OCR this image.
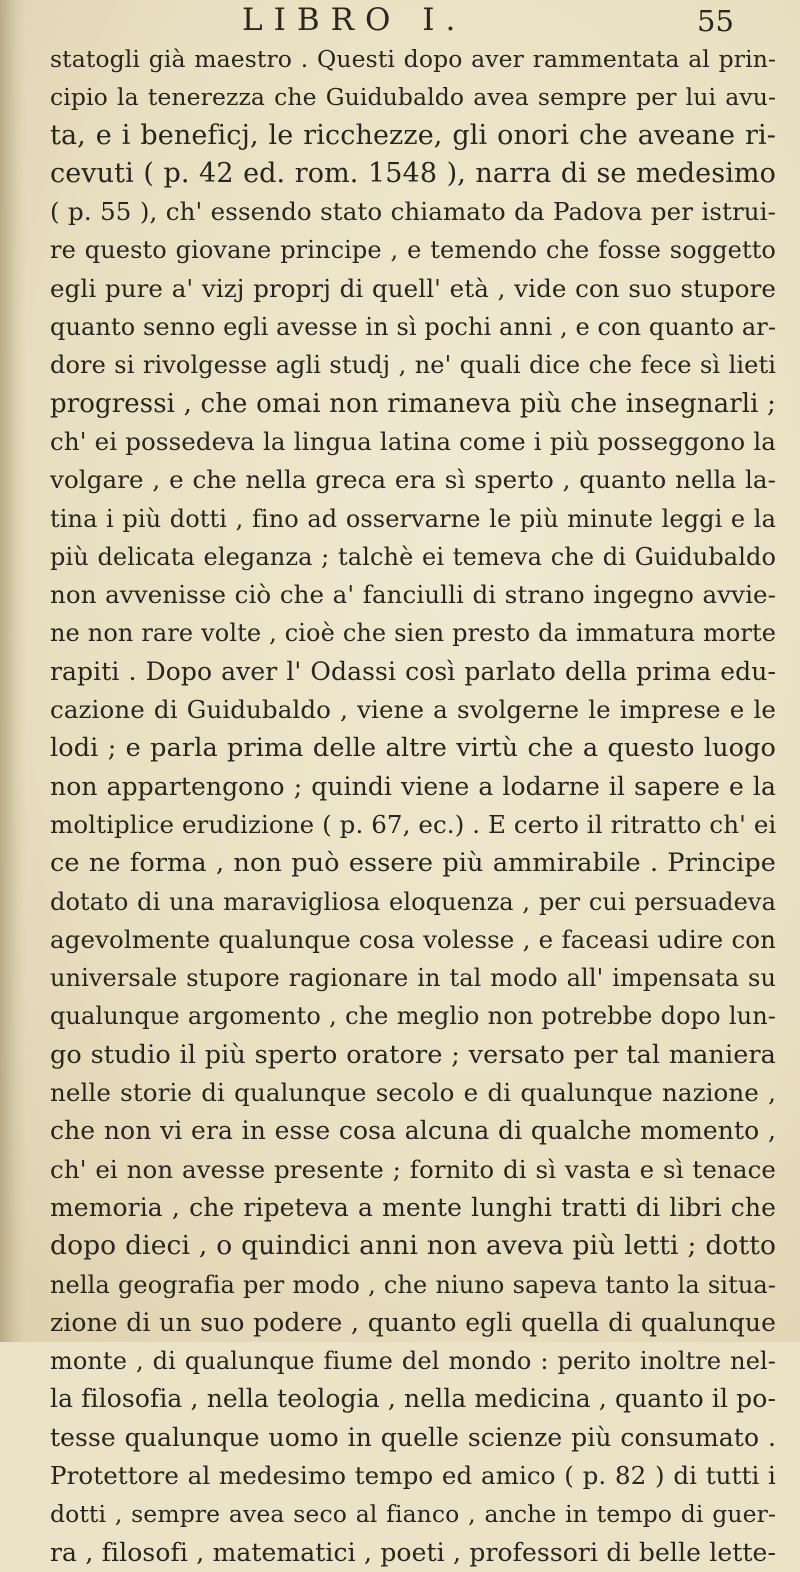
LIBRO I.	55
statogli già maestro . Questi dopo aver rammentata al prin-
cipio la tenerezza che Guidubaldo avea sempre per lui avu-
ta, e i beneficj, le ricchezze, gli onori che aveane ri-
cevuti ( p. 42 ed. rom. 1548 ), narra di se medesimo
( p. 55 ), ch' essendo stato chiamato da Padova per istrui-
re questo giovane principe , e temendo che fosse soggetto
egli pure a' vizj proprj di quell' età , vide con suo stupore
quanto senno egli avesse in sì pochi anni , e con quanto ar-
dore si rivolgesse agli studj , ne' quali dice che fece sì lieti
progressi , che omai non rimaneva più che insegnarli ;
ch' ei possedeva la lingua latina come i più posseggono la
volgare , e che nella greca era sì sperto , quanto nella la-
tina i più dotti , fino ad osservarne le più minute leggi e la
più delicata eleganza ; talchè ei temeva che di Guidubaldo
non avvenisse ciò che a' fanciulli di strano ingegno avvie-
ne non rare volte , cioè che sien presto da immatura morte
rapiti . Dopo aver l' Odassi così parlato della prima edu-
cazione di Guidubaldo , viene a svolgerne le imprese e le
lodi ; e parla prima delle altre virtù che a questo luogo
non appartengono ; quindi viene a lodarne il sapere e la
moltiplice erudizione ( p. 67, ec.) . E certo il ritratto ch' ei
ce ne forma , non può essere più ammirabile . Principe
dotato di una maravigliosa eloquenza , per cui persuadeva
agevolmente qualunque cosa volesse , e faceasi udire con
universale stupore ragionare in tal modo all' impensata su
qualunque argomento , che meglio non potrebbe dopo lun-
go studio il più sperto oratore ; versato per tal maniera
nelle storie di qualunque secolo e di qualunque nazione ,
che non vi era in esse cosa alcuna di qualche momento ,
ch' ei non avesse presente ; fornito di sì vasta e sì tenace
memoria , che ripeteva a mente lunghi tratti di libri che
dopo dieci , o quindici anni non aveva più letti ; dotto
nella geografia per modo , che niuno sapeva tanto la situa-
zione di un suo podere , quanto egli quella di qualunque
monte , di qualunque fiume del mondo : perito inoltre nel-
la filosofia , nella teologia , nella medicina , quanto il po-
tesse qualunque uomo in quelle scienze più consumato .
Protettore al medesimo tempo ed amico ( p. 82 ) di tutti i
dotti , sempre avea seco al fianco , anche in tempo di guer-
ra , filosofi , matematici , poeti , professori di belle lette-
